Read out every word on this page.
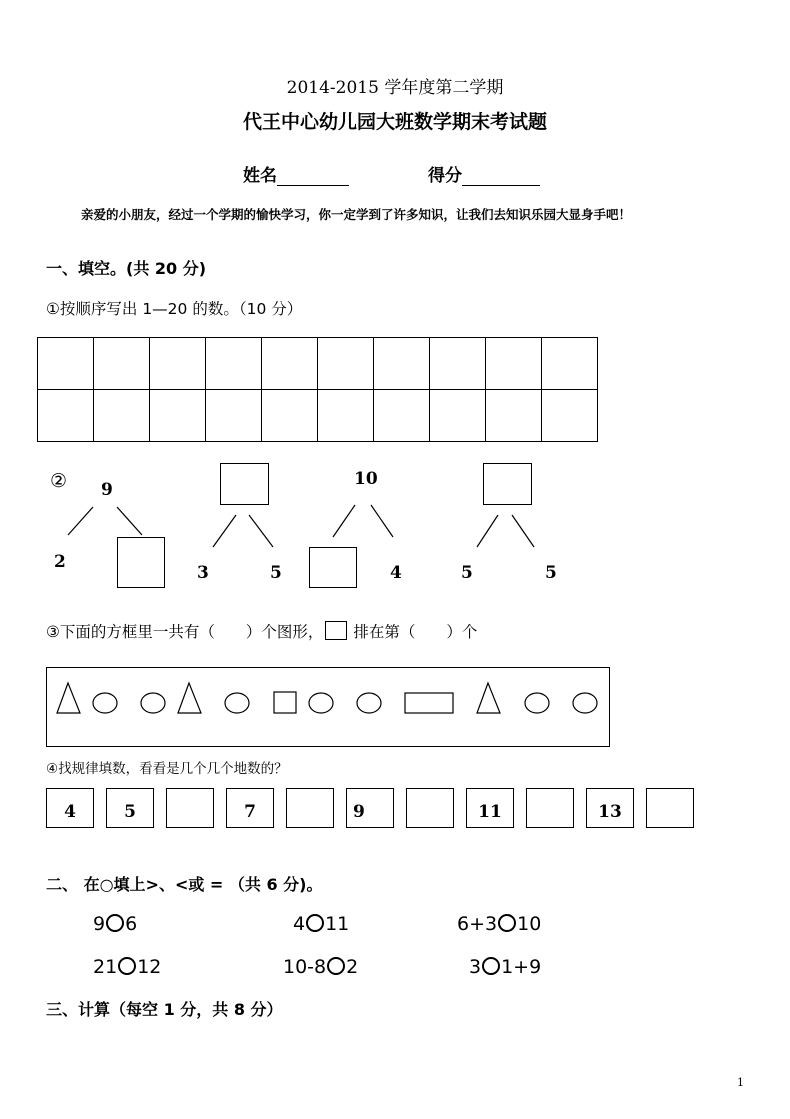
2014-2015 学年度第二学期
代王中心幼儿园大班数学期末考试题
姓名	得分
亲爱的小朋友，经过一个学期的愉快学习，你一定学到了许多知识，让我们去知识乐园大显身手吧！
一、填空。(共 20 分)
①按顺序写出 1—20 的数。（10 分）

② 9
2
3	5
10
4	5	5
③下面的方框里一共有（　　）个图形， 排在第（　　）个
④找规律填数，看看是几个几个地数的？
4	5	7	9	11	13
二、 在○填上>、<或 = （共 6 分)。
9 6	4 11	6+3 10
21 12	10-8 2	3 1+9
三、计算（每空 1 分，共 8 分）
1
